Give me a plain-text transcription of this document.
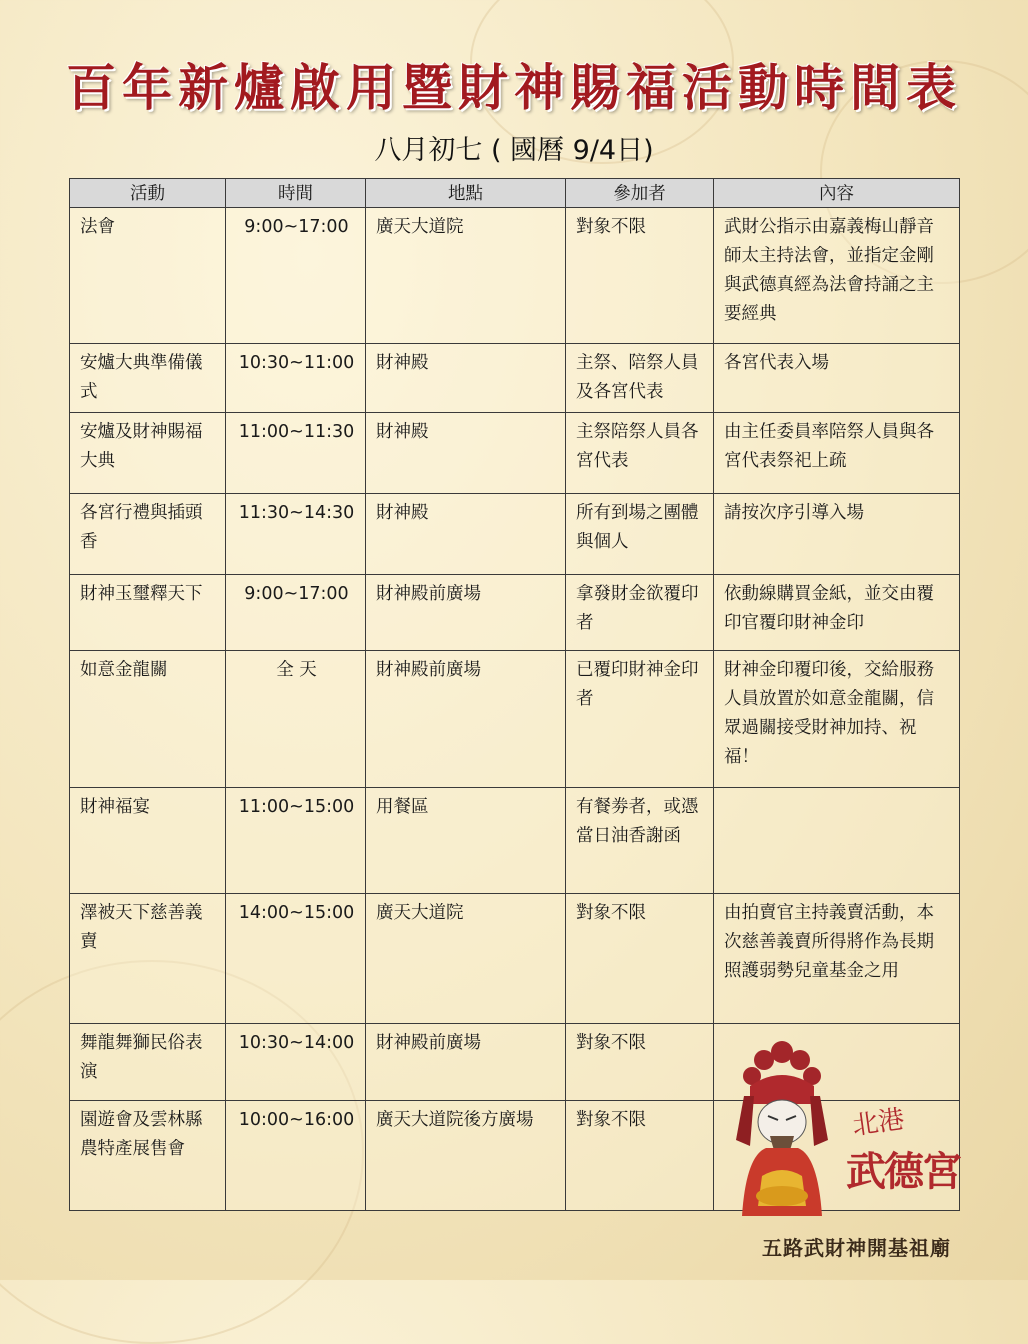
百年新爐啟用暨財神賜福活動時間表
八月初七 ( 國曆 9/4日)
活動	時間	地點	參加者	內容
法會	9:00~17:00	廣天大道院	對象不限	武財公指示由嘉義梅山靜音師太主持法會，並指定金剛與武德真經為法會持誦之主要經典
安爐大典準備儀式	10:30~11:00	財神殿	主祭、陪祭人員及各宮代表	各宮代表入場
安爐及財神賜福大典	11:00~11:30	財神殿	主祭陪祭人員各宮代表	由主任委員率陪祭人員與各宮代表祭祀上疏
各宮行禮與插頭香	11:30~14:30	財神殿	所有到場之團體與個人	請按次序引導入場
財神玉璽釋天下	9:00~17:00	財神殿前廣場	拿發財金欲覆印者	依動線購買金紙，並交由覆印官覆印財神金印
如意金龍關	全 天	財神殿前廣場	已覆印財神金印者	財神金印覆印後，交給服務人員放置於如意金龍關，信眾過關接受財神加持、祝福！
財神福宴	11:00~15:00	用餐區	有餐劵者，或憑當日油香謝函	
澤被天下慈善義賣	14:00~15:00	廣天大道院	對象不限	由拍賣官主持義賣活動，本次慈善義賣所得將作為長期照護弱勢兒童基金之用
舞龍舞獅民俗表演	10:30~14:00	財神殿前廣場	對象不限	
園遊會及雲林縣農特產展售會	10:00~16:00	廣天大道院後方廣場	對象不限		北港
武德宮
五路武財神開基祖廟
